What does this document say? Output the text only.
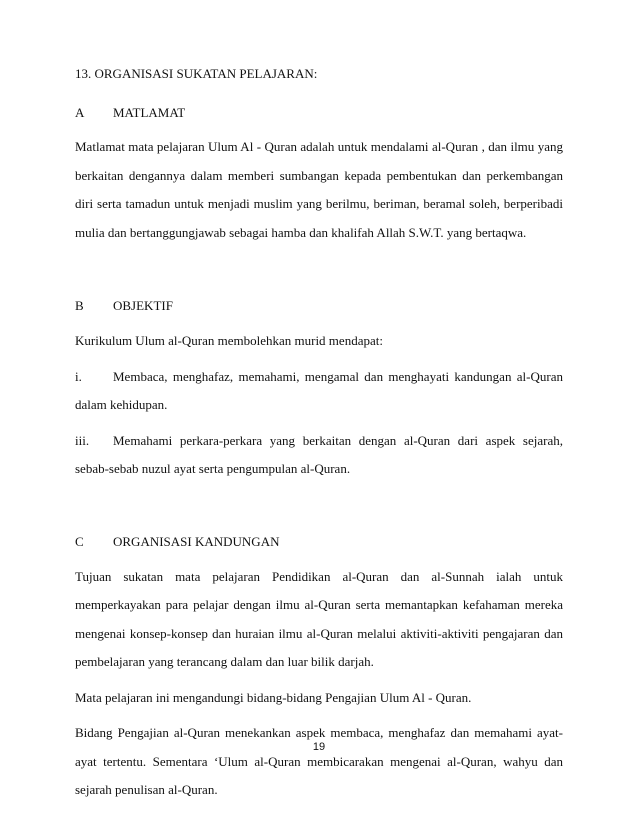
13. ORGANISASI SUKATAN PELAJARAN:

A	MATLAMAT

Matlamat mata pelajaran Ulum Al - Quran adalah untuk mendalami al-Quran , dan ilmu yang berkaitan dengannya dalam memberi sumbangan kepada pembentukan dan perkembangan diri serta tamadun untuk menjadi muslim yang berilmu, beriman, beramal soleh, berperibadi mulia dan bertanggungjawab sebagai hamba dan khalifah Allah S.W.T. yang bertaqwa.

B	OBJEKTIF

Kurikulum Ulum al-Quran membolehkan murid mendapat:

i. Membaca, menghafaz, memahami, mengamal dan menghayati kandungan al-Quran dalam kehidupan.

iii. Memahami perkara-perkara yang berkaitan dengan al-Quran dari aspek sejarah, sebab-sebab nuzul ayat serta pengumpulan al-Quran.

C	ORGANISASI KANDUNGAN

Tujuan sukatan mata pelajaran Pendidikan al-Quran dan al-Sunnah ialah untuk memperkayakan para pelajar dengan ilmu al-Quran serta memantapkan kefahaman mereka mengenai konsep-konsep dan huraian ilmu al-Quran melalui aktiviti-aktiviti pengajaran dan pembelajaran yang terancang dalam dan luar bilik darjah.

Mata pelajaran ini mengandungi bidang-bidang Pengajian Ulum Al - Quran.

Bidang Pengajian al-Quran menekankan aspek membaca, menghafaz dan memahami ayat-ayat tertentu. Sementara ‘Ulum al-Quran membicarakan mengenai al-Quran, wahyu dan sejarah penulisan al-Quran.

19
